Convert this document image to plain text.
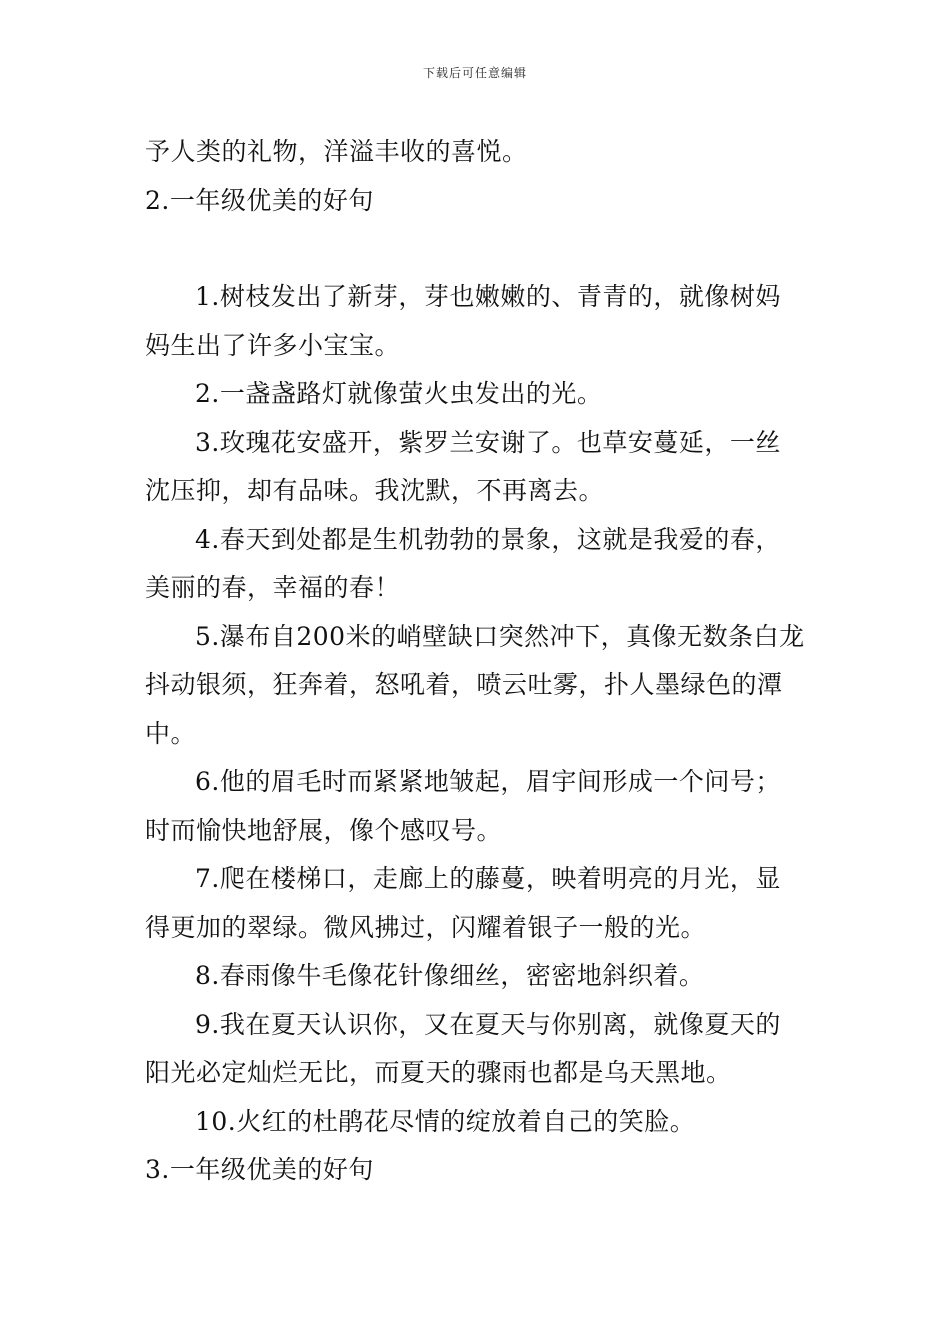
下载后可任意编辑

予人类的礼物，洋溢丰收的喜悦。

2.一年级优美的好句

1.树枝发出了新芽，芽也嫩嫩的、青青的，就像树妈

妈生出了许多小宝宝。

2.一盏盏路灯就像萤火虫发出的光。

3.玫瑰花安盛开，紫罗兰安谢了。也草安蔓延，一丝

沈压抑，却有品味。我沈默，不再离去。

4.春天到处都是生机勃勃的景象，这就是我爱的春，

美丽的春，幸福的春！

5.瀑布自200米的峭壁缺口突然冲下，真像无数条白龙

抖动银须，狂奔着，怒吼着，喷云吐雾，扑人墨绿色的潭

中。

6.他的眉毛时而紧紧地皱起，眉宇间形成一个问号；

时而愉快地舒展，像个感叹号。

7.爬在楼梯口，走廊上的藤蔓，映着明亮的月光，显

得更加的翠绿。微风拂过，闪耀着银子一般的光。

8.春雨像牛毛像花针像细丝，密密地斜织着。

9.我在夏天认识你，又在夏天与你别离，就像夏天的

阳光必定灿烂无比，而夏天的骤雨也都是乌天黑地。

10.火红的杜鹃花尽情的绽放着自己的笑脸。

3.一年级优美的好句
